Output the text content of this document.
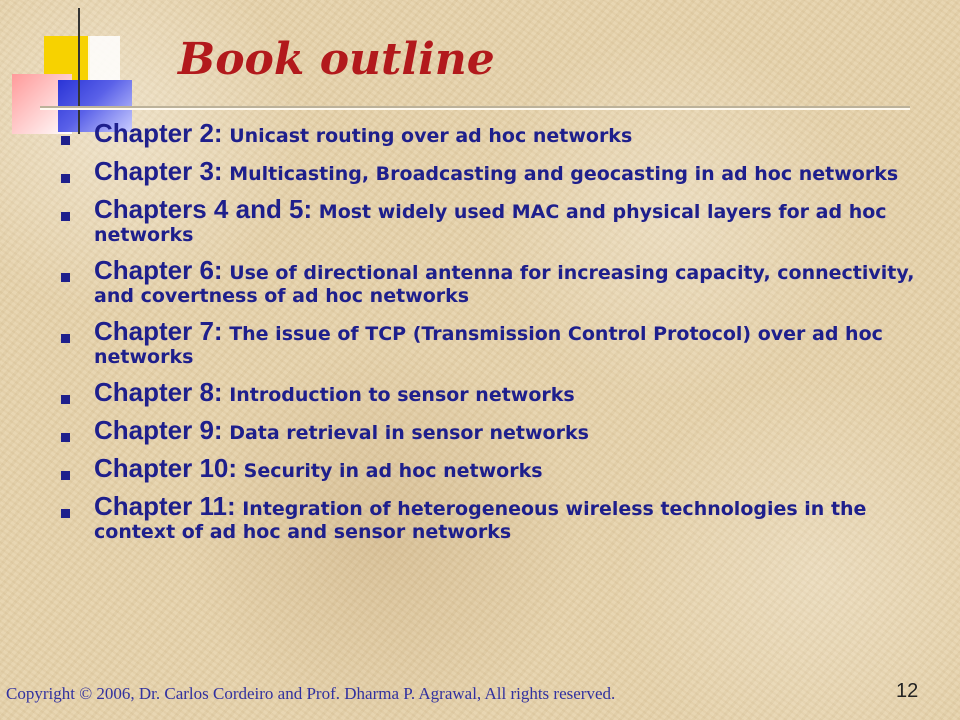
Book outline
Chapter 2: Unicast routing over ad hoc networks
Chapter 3: Multicasting, Broadcasting and geocasting in ad hoc networks
Chapters 4 and 5: Most widely used MAC and physical layers for ad hoc networks
Chapter 6: Use of directional antenna for increasing capacity, connectivity, and covertness of ad hoc networks
Chapter 7: The issue of TCP (Transmission Control Protocol) over ad hoc networks
Chapter 8: Introduction to sensor networks
Chapter 9: Data retrieval in sensor networks
Chapter 10: Security in ad hoc networks
Chapter 11: Integration of heterogeneous wireless technologies in the context of ad hoc and sensor networks

Copyright © 2006, Dr. Carlos Cordeiro and Prof. Dharma P. Agrawal, All rights reserved.	12
